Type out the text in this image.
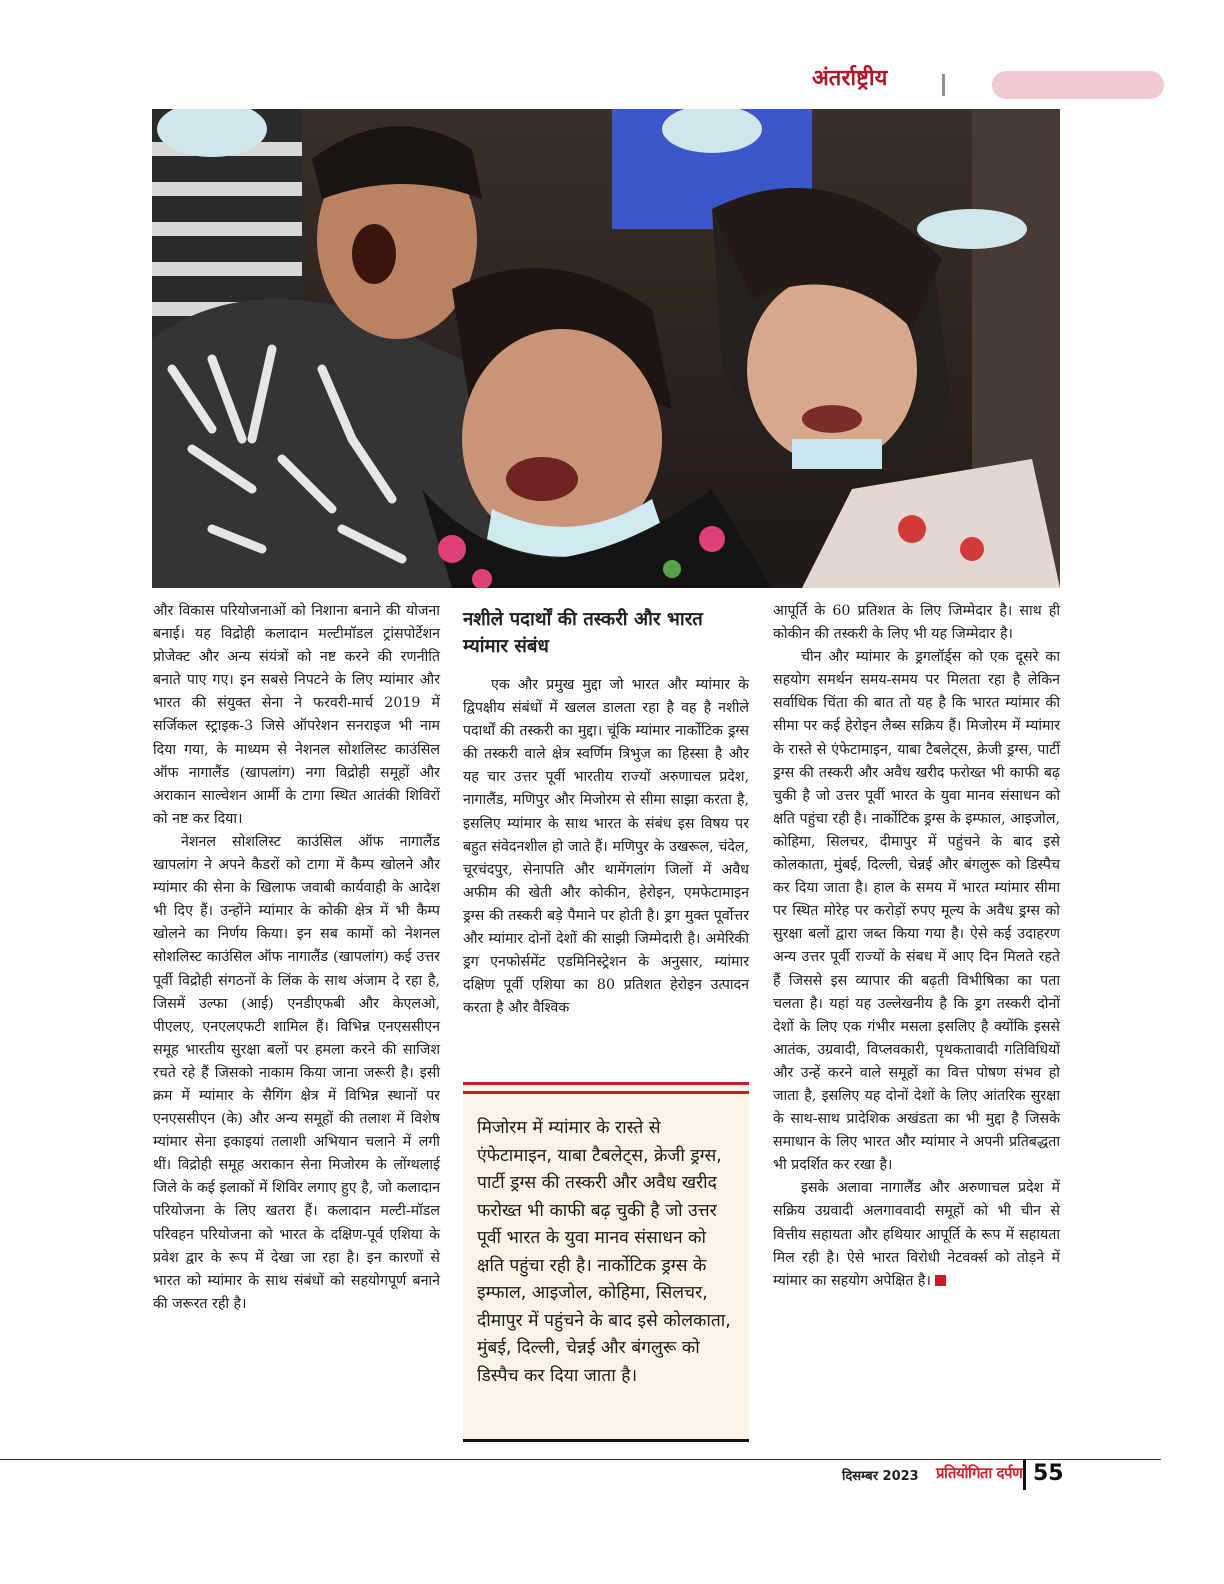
अंतर्राष्ट्रीय

और विकास परियोजनाओं को निशाना बनाने की योजना बनाई। यह विद्रोही कलादान मल्टीमॉडल ट्रांसपोर्टेशन प्रोजेक्ट और अन्य संयंत्रों को नष्ट करने की रणनीति बनाते पाए गए। इन सबसे निपटने के लिए म्यांमार और भारत की संयुक्त सेना ने फरवरी-मार्च 2019 में सर्जिकल स्ट्राइक-3 जिसे ऑपरेशन सनराइज भी नाम दिया गया, के माध्यम से नेशनल सोशलिस्ट काउंसिल ऑफ नागालैंड (खापलांग) नगा विद्रोही समूहों और अराकान साल्वेशन आर्मी के टागा स्थित आतंकी शिविरों को नष्ट कर दिया।

नेशनल सोशलिस्ट काउंसिल ऑफ नागालैंड खापलांग ने अपने कैडरों को टागा में कैम्प खोलने और म्यांमार की सेना के खिलाफ जवाबी कार्यवाही के आदेश भी दिए हैं। उन्होंने म्यांमार के कोकी क्षेत्र में भी कैम्प खोलने का निर्णय किया। इन सब कामों को नेशनल सोशलिस्ट काउंसिल ऑफ नागालैंड (खापलांग) कई उत्तर पूर्वी विद्रोही संगठनों के लिंक के साथ अंजाम दे रहा है, जिसमें उल्फा (आई) एनडीएफबी और केएलओ, पीएलए, एनएलएफटी शामिल हैं। विभिन्न एनएससीएन समूह भारतीय सुरक्षा बलों पर हमला करने की साजिश रचते रहे हैं जिसको नाकाम किया जाना जरूरी है। इसी क्रम में म्यांमार के सैगिंग क्षेत्र में विभिन्न स्थानों पर एनएससीएन (के) और अन्य समूहों की तलाश में विशेष म्यांमार सेना इकाइयां तलाशी अभियान चलाने में लगी थीं। विद्रोही समूह अराकान सेना मिजोरम के लोंग्थलाई जिले के कई इलाकों में शिविर लगाए हुए है, जो कलादान परियोजना के लिए खतरा हैं। कलादान मल्टी-मॉडल परिवहन परियोजना को भारत के दक्षिण-पूर्व एशिया के प्रवेश द्वार के रूप में देखा जा रहा है। इन कारणों से भारत को म्यांमार के साथ संबंधों को सहयोगपूर्ण बनाने की जरूरत रही है।

नशीले पदार्थों की तस्करी और भारत म्यांमार संबंध

एक और प्रमुख मुद्दा जो भारत और म्यांमार के द्विपक्षीय संबंधों में खलल डालता रहा है वह है नशीले पदार्थों की तस्करी का मुद्दा। चूंकि म्यांमार नार्कोटिक ड्रग्स की तस्करी वाले क्षेत्र स्वर्णिम त्रिभुज का हिस्सा है और यह चार उत्तर पूर्वी भारतीय राज्यों अरुणाचल प्रदेश, नागालैंड, मणिपुर और मिजोरम से सीमा साझा करता है, इसलिए म्यांमार के साथ भारत के संबंध इस विषय पर बहुत संवेदनशील हो जाते हैं। मणिपुर के उखरूल, चंदेल, चूरचंदपुर, सेनापति और थामेंगलांग जिलों में अवैध अफीम की खेती और कोकीन, हेरोइन, एमफेटामाइन ड्रग्स की तस्करी बड़े पैमाने पर होती है। ड्रग मुक्त पूर्वोत्तर और म्यांमार दोनों देशों की साझी जिम्मेदारी है। अमेरिकी ड्रग एनफोर्समेंट एडमिनिस्ट्रेशन के अनुसार, म्यांमार दक्षिण पूर्वी एशिया का 80 प्रतिशत हेरोइन उत्पादन करता है और वैश्विक

मिजोरम में म्यांमार के रास्ते से एंफेटामाइन, याबा टैबलेट्स, क्रेजी ड्रग्स, पार्टी ड्रग्स की तस्करी और अवैध खरीद फरोख्त भी काफी बढ़ चुकी है जो उत्तर पूर्वी भारत के युवा मानव संसाधन को क्षति पहुंचा रही है। नार्कोटिक ड्रग्स के इम्फाल, आइजोल, कोहिमा, सिलचर, दीमापुर में पहुंचने के बाद इसे कोलकाता, मुंबई, दिल्ली, चेन्नई और बंगलुरू को डिस्पैच कर दिया जाता है।

आपूर्ति के 60 प्रतिशत के लिए जिम्मेदार है। साथ ही कोकीन की तस्करी के लिए भी यह जिम्मेदार है।

चीन और म्यांमार के ड्रगलॉर्ड्स को एक दूसरे का सहयोग समर्थन समय-समय पर मिलता रहा है लेकिन सर्वाधिक चिंता की बात तो यह है कि भारत म्यांमार की सीमा पर कई हेरोइन लैब्स सक्रिय हैं। मिजोरम में म्यांमार के रास्ते से एंफेटामाइन, याबा टैबलेट्स, क्रेजी ड्रग्स, पार्टी ड्रग्स की तस्करी और अवैध खरीद फरोख्त भी काफी बढ़ चुकी है जो उत्तर पूर्वी भारत के युवा मानव संसाधन को क्षति पहुंचा रही है। नार्कोटिक ड्रग्स के इम्फाल, आइजोल, कोहिमा, सिलचर, दीमापुर में पहुंचने के बाद इसे कोलकाता, मुंबई, दिल्ली, चेन्नई और बंगलुरू को डिस्पैच कर दिया जाता है। हाल के समय में भारत म्यांमार सीमा पर स्थित मोरेह पर करोड़ों रुपए मूल्य के अवैध ड्रग्स को सुरक्षा बलों द्वारा जब्त किया गया है। ऐसे कई उदाहरण अन्य उत्तर पूर्वी राज्यों के संबध में आए दिन मिलते रहते हैं जिससे इस व्यापार की बढ़ती विभीषिका का पता चलता है। यहां यह उल्लेखनीय है कि ड्रग तस्करी दोनों देशों के लिए एक गंभीर मसला इसलिए है क्योंकि इससे आतंक, उग्रवादी, विप्लवकारी, पृथकतावादी गतिविधियों और उन्हें करने वाले समूहों का वित्त पोषण संभव हो जाता है, इसलिए यह दोनों देशों के लिए आंतरिक सुरक्षा के साथ-साथ प्रादेशिक अखंडता का भी मुद्दा है जिसके समाधान के लिए भारत और म्यांमार ने अपनी प्रतिबद्धता भी प्रदर्शित कर रखा है।

इसके अलावा नागालैंड और अरुणाचल प्रदेश में सक्रिय उग्रवादी अलगाववादी समूहों को भी चीन से वित्तीय सहायता और हथियार आपूर्ति के रूप में सहायता मिल रही है। ऐसे भारत विरोधी नेटवर्क्स को तोड़ने में म्यांमार का सहयोग अपेक्षित है।

दिसम्बर 2023 प्रतियोगिता दर्पण 55
